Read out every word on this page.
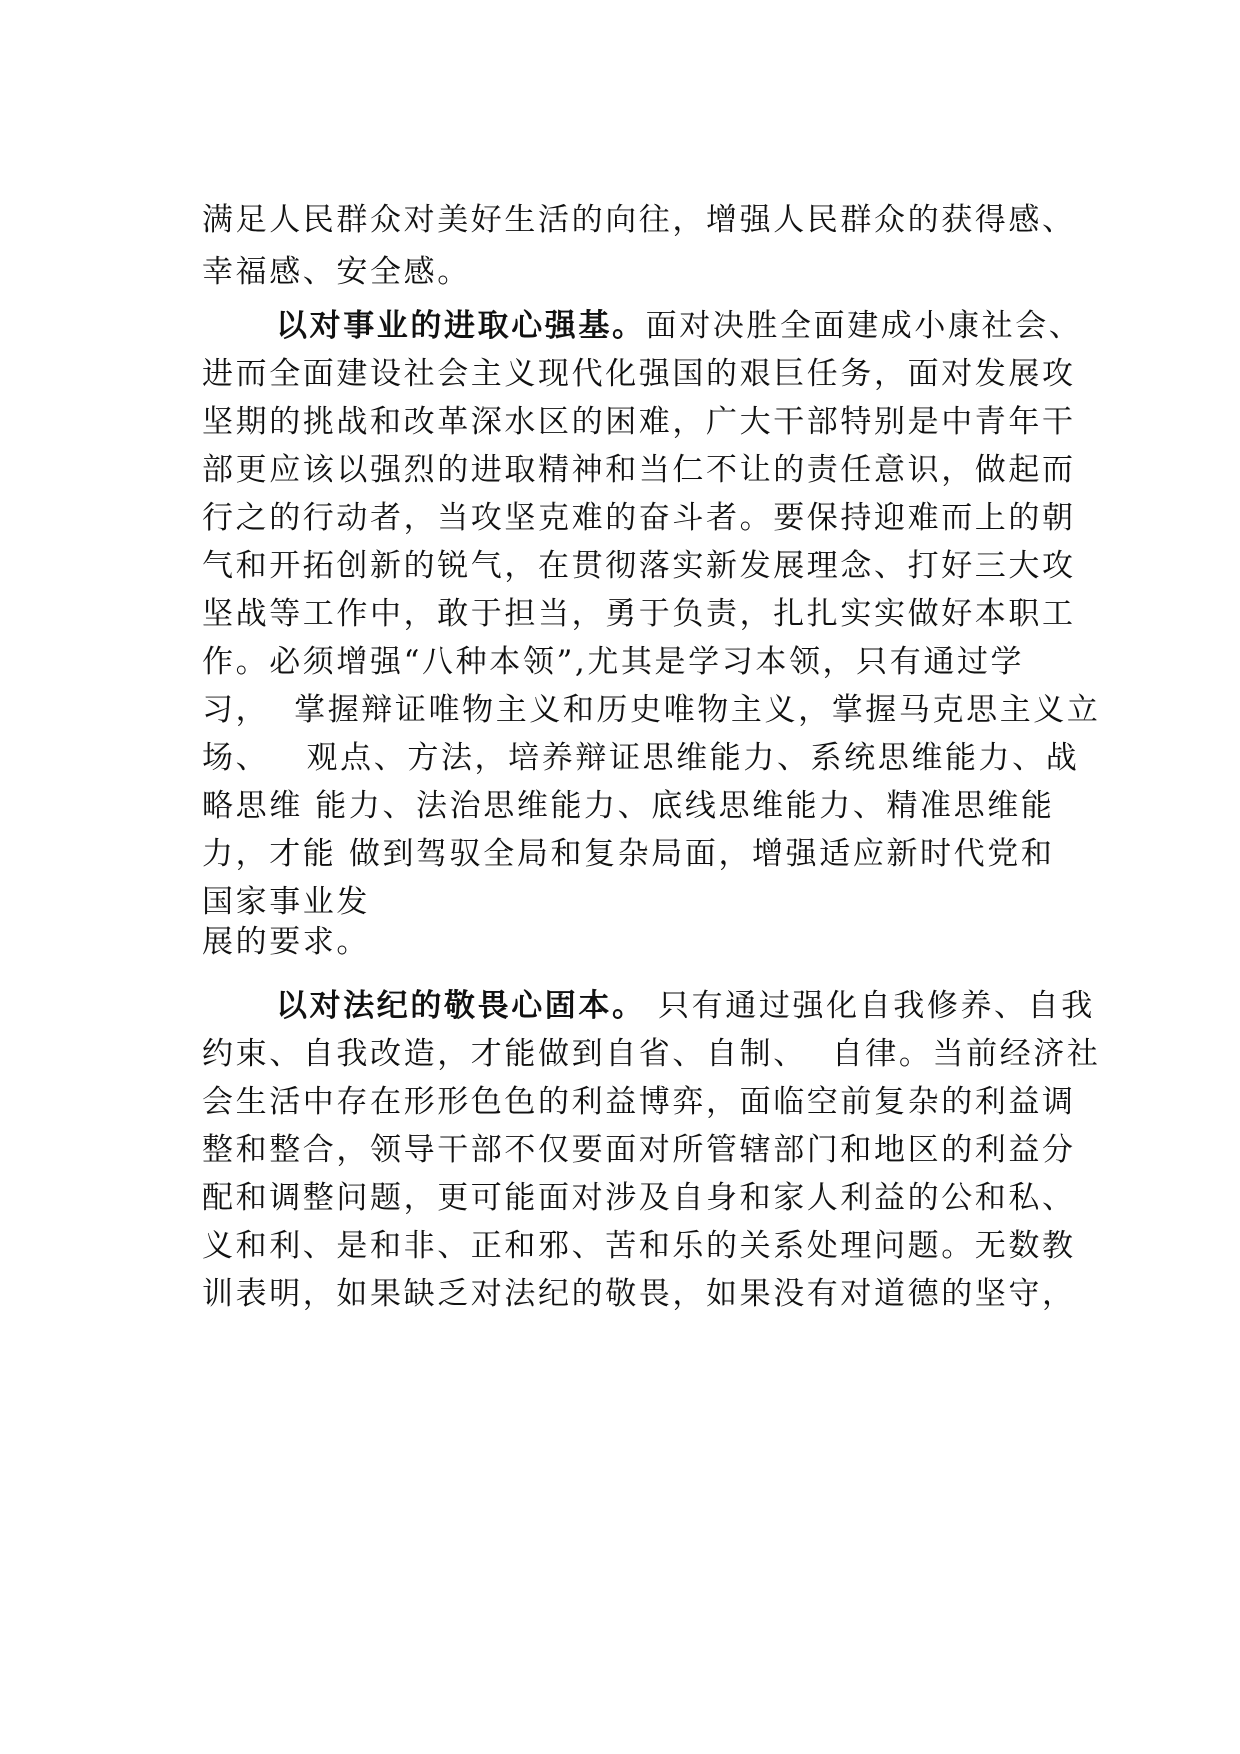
满足人民群众对美好生活的向往，增强人民群众的获得感、

幸福感、安全感。

以对事业的进取心强基。面对决胜全面建成小康社会、

进而全面建设社会主义现代化强国的艰巨任务，面对发展攻

坚期的挑战和改革深水区的困难，广大干部特别是中青年干

部更应该以强烈的进取精神和当仁不让的责任意识，做起而

行之的行动者，当攻坚克难的奋斗者。要保持迎难而上的朝

气和开拓创新的锐气，在贯彻落实新发展理念、打好三大攻

坚战等工作中，敢于担当，勇于负责，扎扎实实做好本职工

作。必须增强“八种本领”,尤其是学习本领，只有通过学

习，  掌握辩证唯物主义和历史唯物主义，掌握马克思主义立

场、   观点、方法，培养辩证思维能力、系统思维能力、战

略思维 能力、法治思维能力、底线思维能力、精准思维能

力，才能 做到驾驭全局和复杂局面，增强适应新时代党和

国家事业发

展的要求。

以对法纪的敬畏心固本。 只有通过强化自我修养、自我

约束、自我改造，才能做到自省、自制、  自律。当前经济社

会生活中存在形形色色的利益博弈，面临空前复杂的利益调

整和整合，领导干部不仅要面对所管辖部门和地区的利益分

配和调整问题，更可能面对涉及自身和家人利益的公和私、

义和利、是和非、正和邪、苦和乐的关系处理问题。无数教

训表明，如果缺乏对法纪的敬畏，如果没有对道德的坚守，
